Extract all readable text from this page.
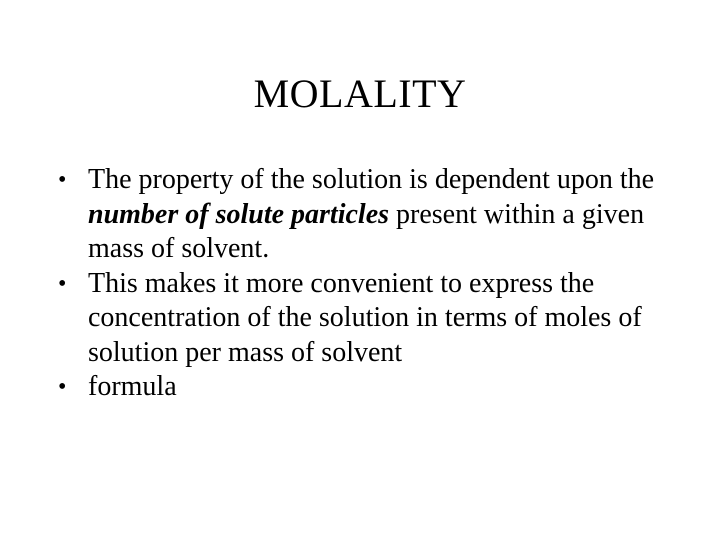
MOLALITY
• The property of the solution is dependent upon the number of solute particles present within a given mass of solvent.
• This makes it more convenient to express the concentration of the solution in terms of moles of solution per mass of solvent
• formula
